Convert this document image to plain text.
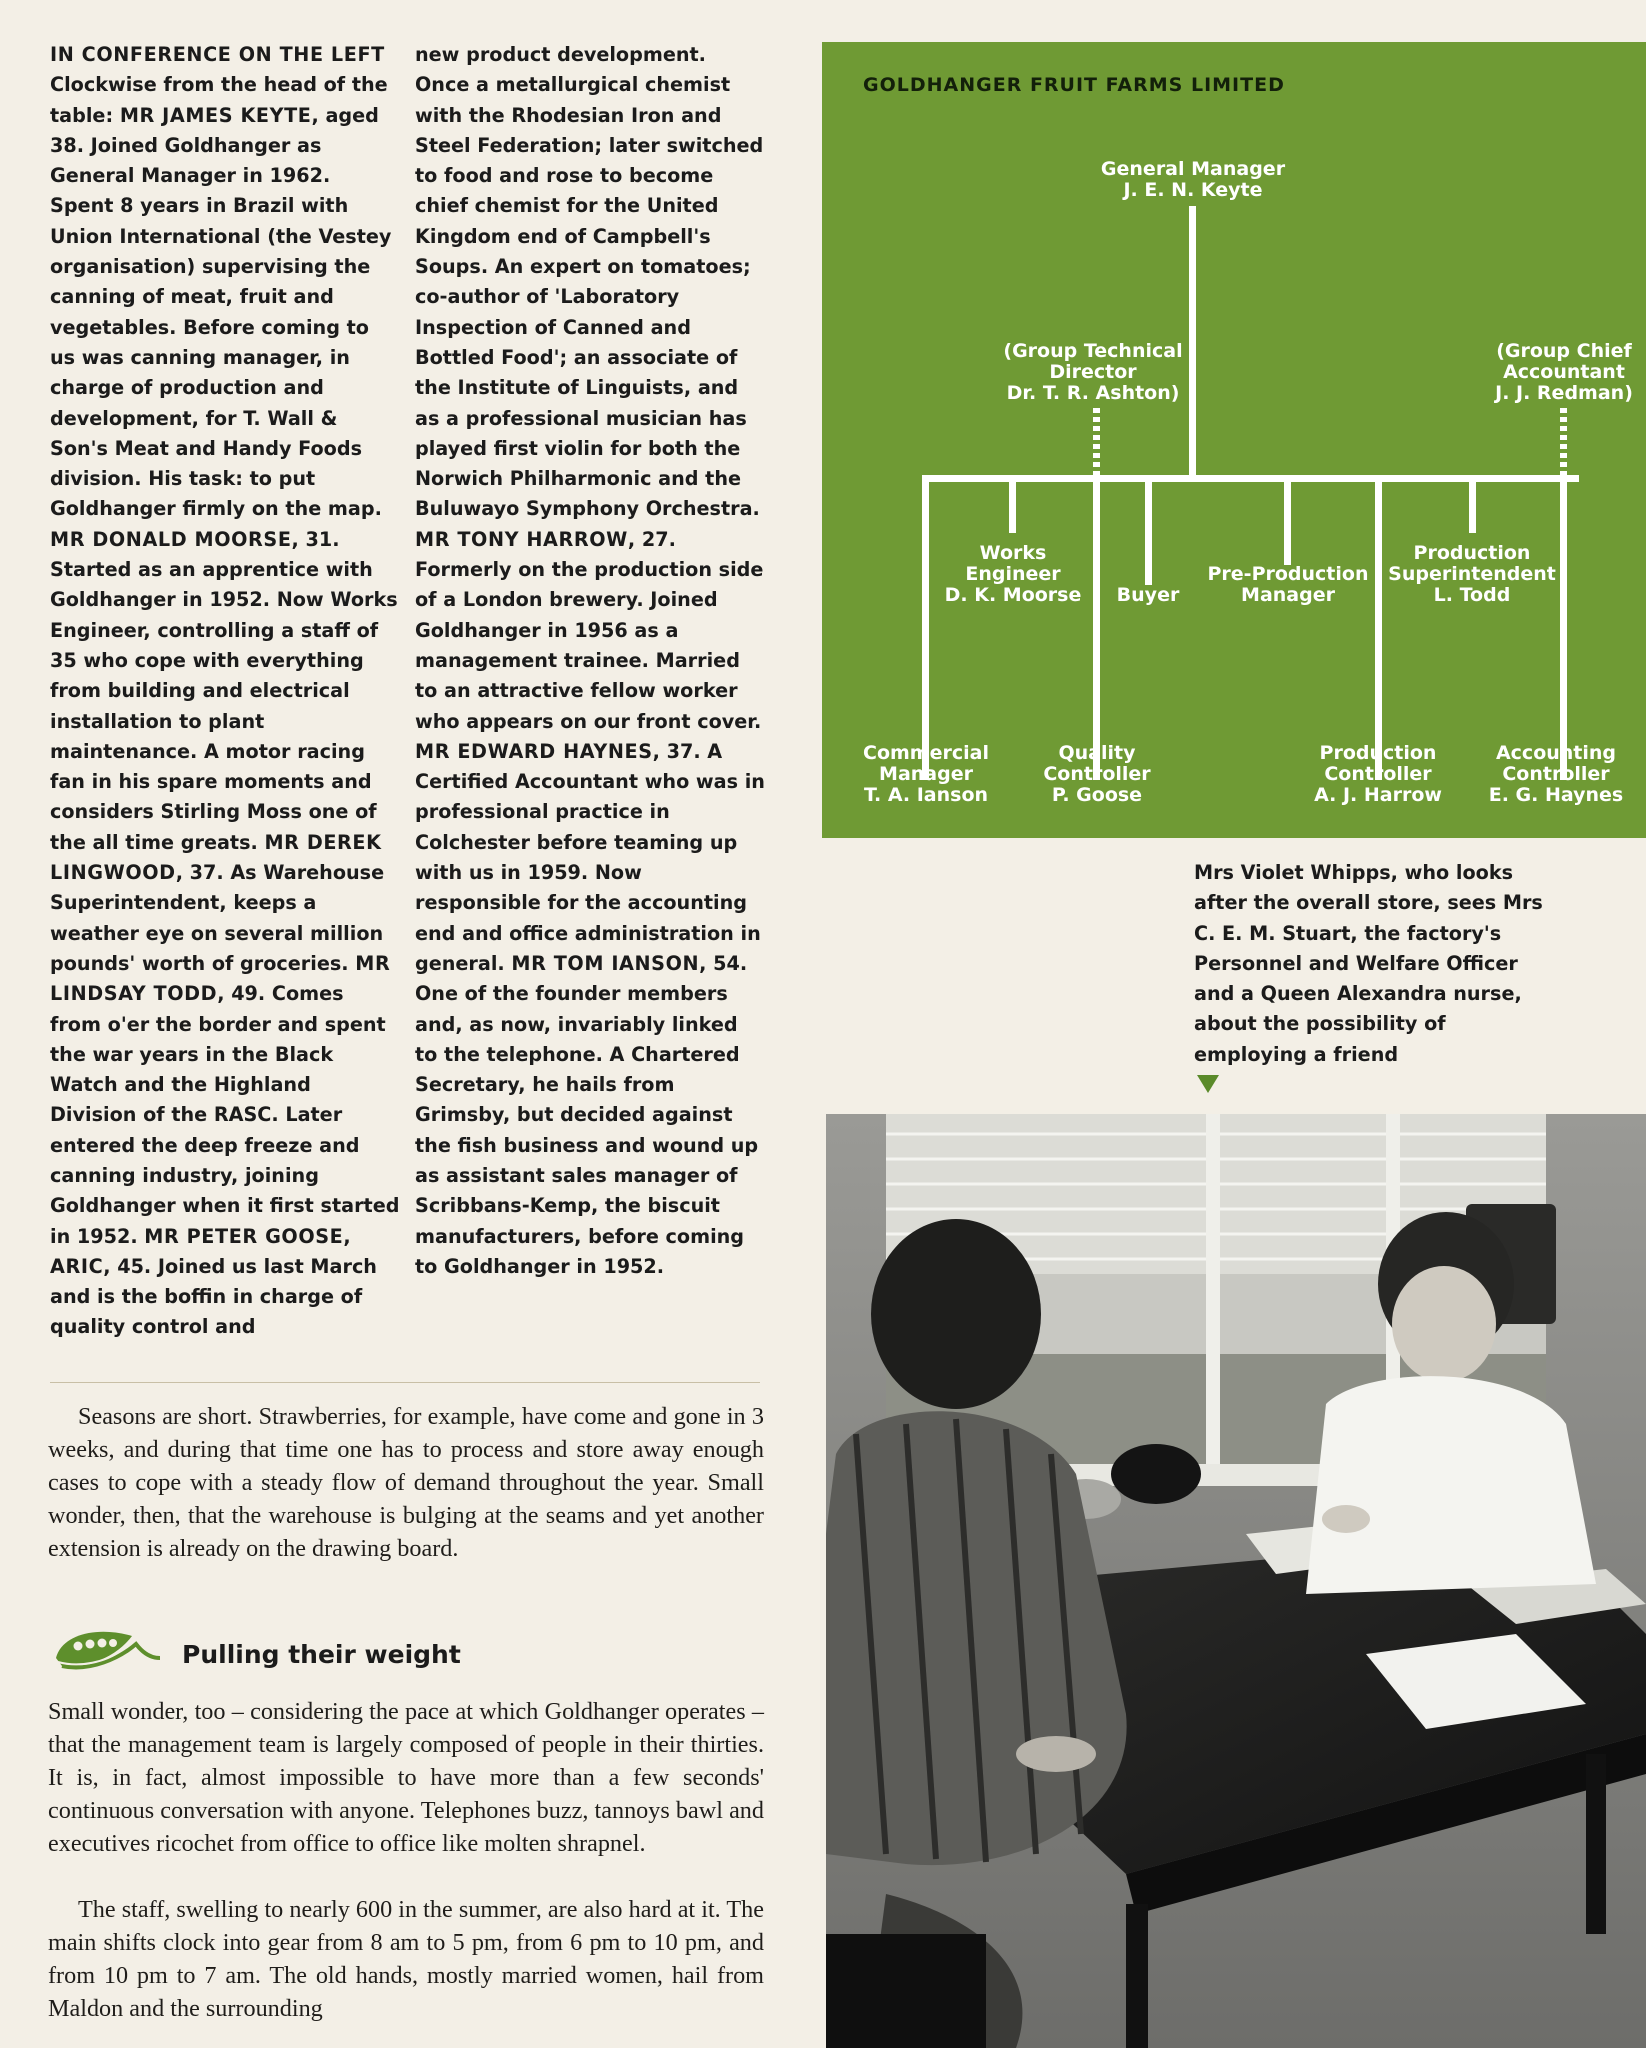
IN CONFERENCE ON THE LEFT Clockwise from the head of the table: MR JAMES KEYTE, aged 38. Joined Goldhanger as General Manager in 1962. Spent 8 years in Brazil with Union International (the Vestey organisation) supervising the canning of meat, fruit and vegetables. Before coming to us was canning manager, in charge of production and development, for T. Wall & Son's Meat and Handy Foods division. His task: to put Goldhanger firmly on the map. MR DONALD MOORSE, 31. Started as an apprentice with Goldhanger in 1952. Now Works Engineer, controlling a staff of 35 who cope with everything from building and electrical installation to plant maintenance. A motor racing fan in his spare moments and considers Stirling Moss one of the all time greats. MR DEREK LINGWOOD, 37. As Warehouse Superintendent, keeps a weather eye on several million pounds' worth of groceries. MR LINDSAY TODD, 49. Comes from o'er the border and spent the war years in the Black Watch and the Highland Division of the RASC. Later entered the deep freeze and canning industry, joining Goldhanger when it first started in 1952. MR PETER GOOSE, ARIC, 45. Joined us last March and is the boffin in charge of quality control and
new product development. Once a metallurgical chemist with the Rhodesian Iron and Steel Federation; later switched to food and rose to become chief chemist for the United Kingdom end of Campbell's Soups. An expert on tomatoes; co-author of 'Laboratory Inspection of Canned and Bottled Food'; an associate of the Institute of Linguists, and as a professional musician has played first violin for both the Norwich Philharmonic and the Buluwayo Symphony Orchestra. MR TONY HARROW, 27. Formerly on the production side of a London brewery. Joined Goldhanger in 1956 as a management trainee. Married to an attractive fellow worker who appears on our front cover. MR EDWARD HAYNES, 37. A Certified Accountant who was in professional practice in Colchester before teaming up with us in 1959. Now responsible for the accounting end and office administration in general. MR TOM IANSON, 54. One of the founder members and, as now, invariably linked to the telephone. A Chartered Secretary, he hails from Grimsby, but decided against the fish business and wound up as assistant sales manager of Scribbans-Kemp, the biscuit manufacturers, before coming to Goldhanger in 1952.
Seasons are short. Strawberries, for example, have come and gone in 3 weeks, and during that time one has to process and store away enough cases to cope with a steady flow of demand throughout the year. Small wonder, then, that the warehouse is bulging at the seams and yet another extension is already on the drawing board.
Pulling their weight
Small wonder, too – considering the pace at which Goldhanger operates – that the management team is largely composed of people in their thirties. It is, in fact, almost impossible to have more than a few seconds' continuous conversation with anyone. Telephones buzz, tannoys bawl and executives ricochet from office to office like molten shrapnel.
The staff, swelling to nearly 600 in the summer, are also hard at it. The main shifts clock into gear from 8 am to 5 pm, from 6 pm to 10 pm, and from 10 pm to 7 am. The old hands, mostly married women, hail from Maldon and the surrounding
GOLDHANGER FRUIT FARMS LIMITED
General Manager
J. E. N. Keyte
(Group Technical
Director
Dr. T. R. Ashton)
(Group Chief
Accountant
J. J. Redman)
Works
Engineer
D. K. Moorse	Buyer
Pre-Production
Manager
Production
Superintendent
L. Todd
Commercial
Manager
T. A. Ianson
Quality
Controller
P. Goose
Production
Controller
A. J. Harrow
Accounting
Controller
E. G. Haynes
Mrs Violet Whipps, who looks after the overall store, sees Mrs C. E. M. Stuart, the factory's Personnel and Welfare Officer and a Queen Alexandra nurse, about the possibility of employing a friend
